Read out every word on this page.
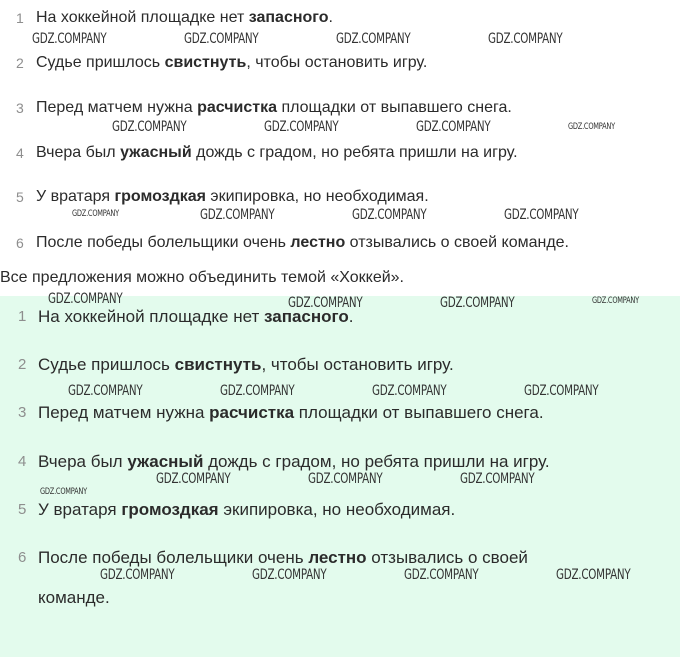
1 На хоккейной площадке нет запасного.
2 Судье пришлось свистнуть, чтобы остановить игру.
3 Перед матчем нужна расчистка площадки от выпавшего снега.
4 Вчера был ужасный дождь с градом, но ребята пришли на игру.
5 У вратаря громоздкая экипировка, но необходимая.
6 После победы болельщики очень лестно отзывались о своей команде.
Все предложения можно объединить темой «Хоккей».
1 На хоккейной площадке нет запасного.
2 Судье пришлось свистнуть, чтобы остановить игру.
3 Перед матчем нужна расчистка площадки от выпавшего снега.
4 Вчера был ужасный дождь с градом, но ребята пришли на игру.
5 У вратаря громоздкая экипировка, но необходимая.
6 После победы болельщики очень лестно отзывались о своей
команде.
GDZ.COMPANY	GDZ.COMPANY	GDZ.COMPANY	GDZ.COMPANY
GDZ.COMPANY	GDZ.COMPANY	GDZ.COMPANY	GDZ.COMPANY
GDZ.COMPANY	GDZ.COMPANY	GDZ.COMPANY	GDZ.COMPANY
GDZ.COMPANY	GDZ.COMPANY	GDZ.COMPANY	GDZ.COMPANY
GDZ.COMPANY	GDZ.COMPANY	GDZ.COMPANY	GDZ.COMPANY
GDZ.COMPANY	GDZ.COMPANY	GDZ.COMPANY
GDZ.COMPANY
GDZ.COMPANY	GDZ.COMPANY	GDZ.COMPANY	GDZ.COMPANY
